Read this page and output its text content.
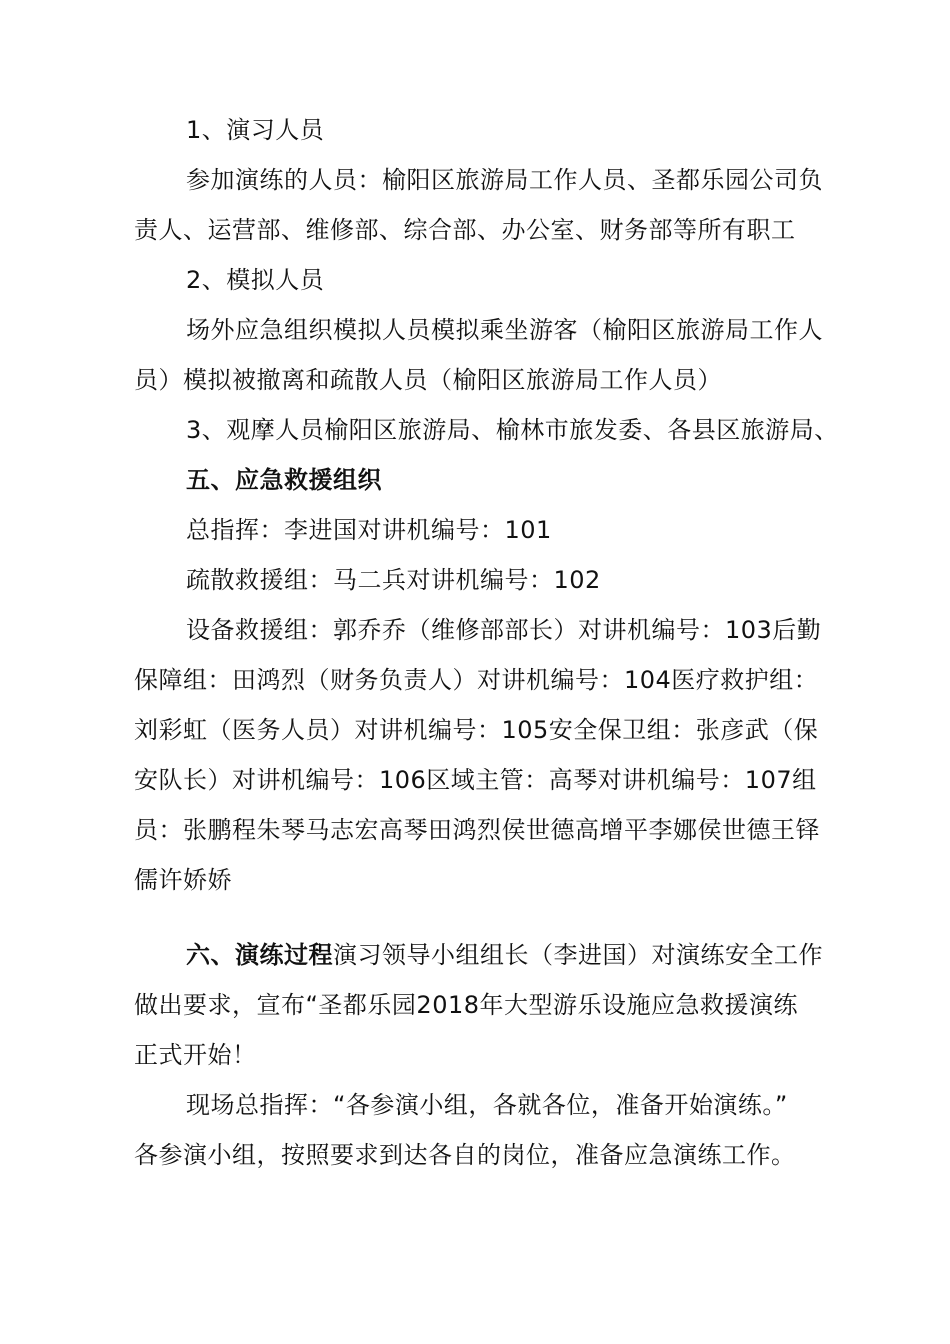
1、演习人员
参加演练的人员：榆阳区旅游局工作人员、圣都乐园公司负
责人、运营部、维修部、综合部、办公室、财务部等所有职工
2、模拟人员
场外应急组织模拟人员模拟乘坐游客（榆阳区旅游局工作人
员）模拟被撤离和疏散人员（榆阳区旅游局工作人员）
3、观摩人员榆阳区旅游局、榆林市旅发委、各县区旅游局、
五、应急救援组织
总指挥：李进国对讲机编号：101
疏散救援组：马二兵对讲机编号：102
设备救援组：郭乔乔（维修部部长）对讲机编号：103后勤
保障组：田鸿烈（财务负责人）对讲机编号：104医疗救护组：
刘彩虹（医务人员）对讲机编号：105安全保卫组：张彦武（保
安队长）对讲机编号：106区域主管：高琴对讲机编号：107组
员：张鹏程朱琴马志宏高琴田鸿烈侯世德高增平李娜侯世德王铎
儒许娇娇
六、演练过程演习领导小组组长（李进国）对演练安全工作
做出要求，宣布“圣都乐园2018年大型游乐设施应急救援演练
正式开始！
现场总指挥：“各参演小组，各就各位，准备开始演练。”
各参演小组，按照要求到达各自的岗位，准备应急演练工作。
